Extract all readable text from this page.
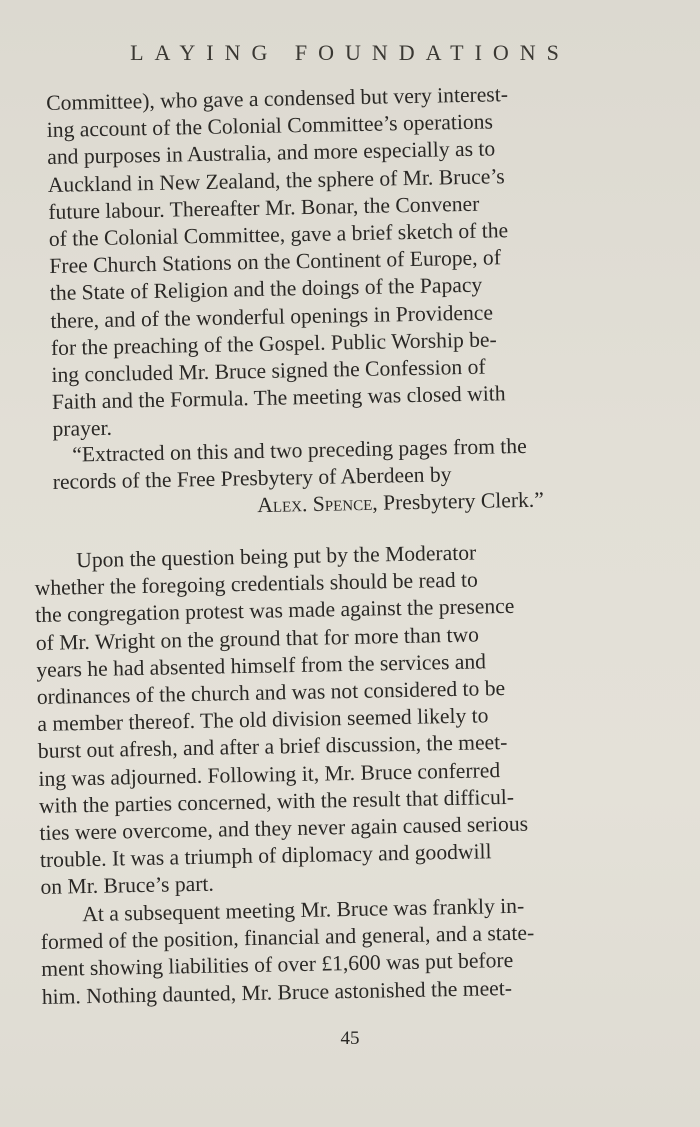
LAYING FOUNDATIONS
Committee), who gave a condensed but very interest-
ing account of the Colonial Committee’s operations
and purposes in Australia, and more especially as to
Auckland in New Zealand, the sphere of Mr. Bruce’s
future labour. Thereafter Mr. Bonar, the Convener
of the Colonial Committee, gave a brief sketch of the
Free Church Stations on the Continent of Europe, of
the State of Religion and the doings of the Papacy
there, and of the wonderful openings in Providence
for the preaching of the Gospel. Public Worship be-
ing concluded Mr. Bruce signed the Confession of
Faith and the Formula. The meeting was closed with
prayer.
“Extracted on this and two preceding pages from the
records of the Free Presbytery of Aberdeen by
Alex. Spence, Presbytery Clerk.”
Upon the question being put by the Moderator
whether the foregoing credentials should be read to
the congregation protest was made against the presence
of Mr. Wright on the ground that for more than two
years he had absented himself from the services and
ordinances of the church and was not considered to be
a member thereof. The old division seemed likely to
burst out afresh, and after a brief discussion, the meet-
ing was adjourned. Following it, Mr. Bruce conferred
with the parties concerned, with the result that difficul-
ties were overcome, and they never again caused serious
trouble. It was a triumph of diplomacy and goodwill
on Mr. Bruce’s part.
At a subsequent meeting Mr. Bruce was frankly in-
formed of the position, financial and general, and a state-
ment showing liabilities of over £1,600 was put before
him. Nothing daunted, Mr. Bruce astonished the meet-
45
